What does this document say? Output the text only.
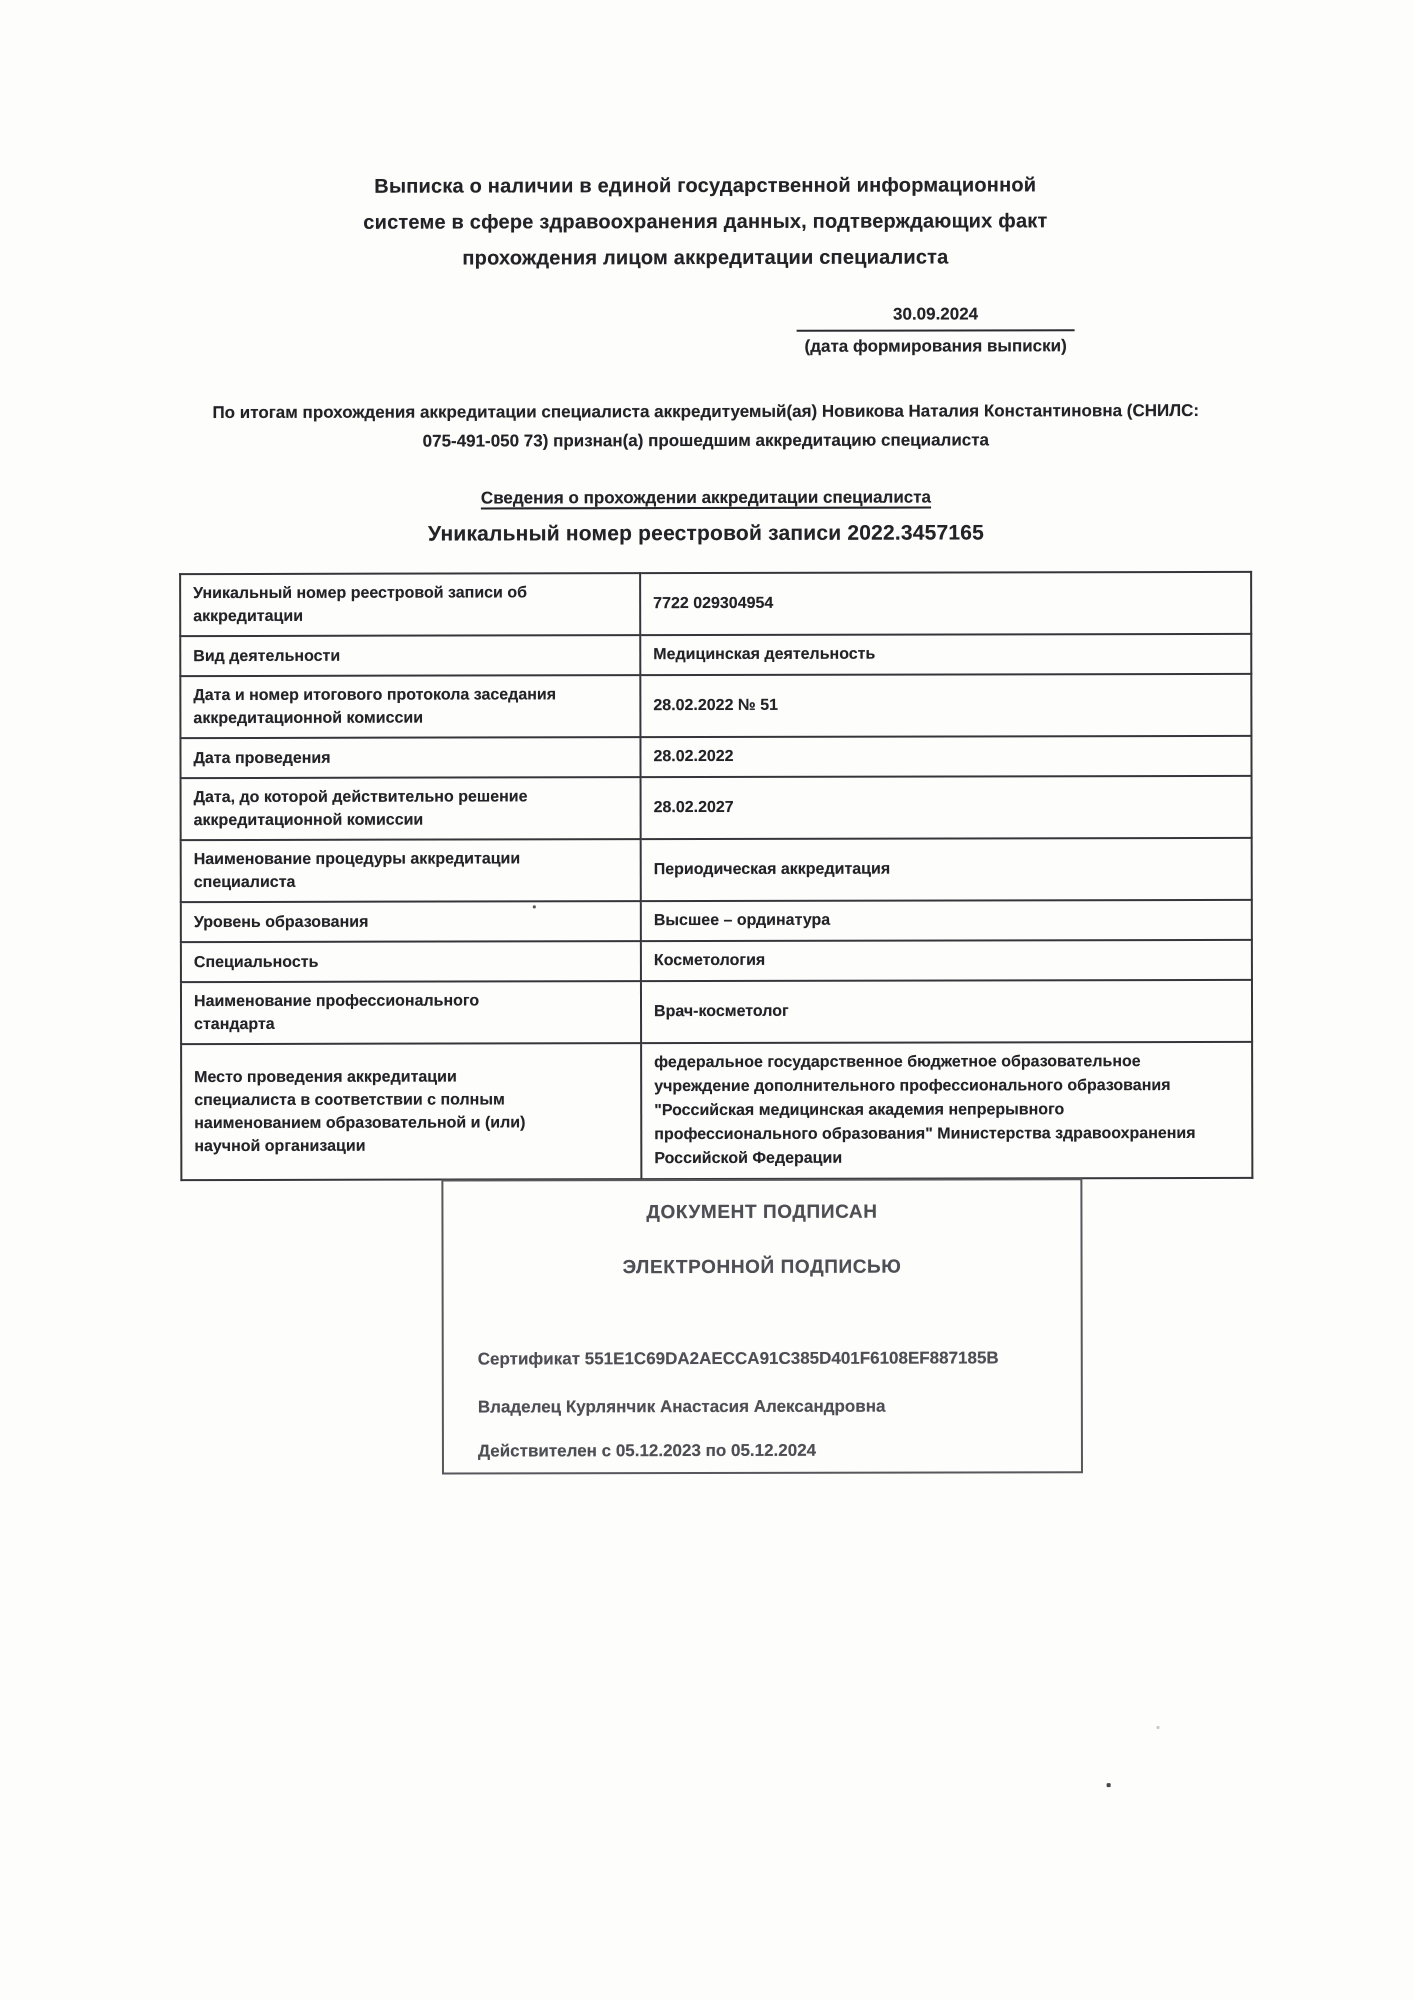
Выписка о наличии в единой государственной информационной
системе в сфере здравоохранения данных, подтверждающих факт
прохождения лицом аккредитации специалиста
30.09.2024
(дата формирования выписки)
По итогам прохождения аккредитации специалиста аккредитуемый(ая) Новикова Наталия Константиновна (СНИЛС:
075-491-050 73) признан(а) прошедшим аккредитацию специалиста
Сведения о прохождении аккредитации специалиста
Уникальный номер реестровой записи 2022.3457165
Уникальный номер реестровой записи об
аккредитации	7722 029304954
Вид деятельности	Медицинская деятельность
Дата и номер итогового протокола заседания
аккредитационной комиссии	28.02.2022 № 51
Дата проведения	28.02.2022
Дата, до которой действительно решение
аккредитационной комиссии	28.02.2027
Наименование процедуры аккредитации
специалиста	Периодическая аккредитация
Уровень образования	Высшее – ординатура
Специальность	Косметология
Наименование профессионального
стандарта	Врач-косметолог
Место проведения аккредитации
специалиста в соответствии с полным
наименованием образовательной и (или)
научной организации	федеральное государственное бюджетное образовательное
учреждение дополнительного профессионального образования
"Российская медицинская академия непрерывного
профессионального образования" Министерства здравоохранения
Российской Федерации
ДОКУМЕНТ ПОДПИСАН
ЭЛЕКТРОННОЙ ПОДПИСЬЮ
Сертификат 551E1C69DA2AECCA91C385D401F6108EF887185B
Владелец Курлянчик Анастасия Александровна
Действителен с 05.12.2023 по 05.12.2024
